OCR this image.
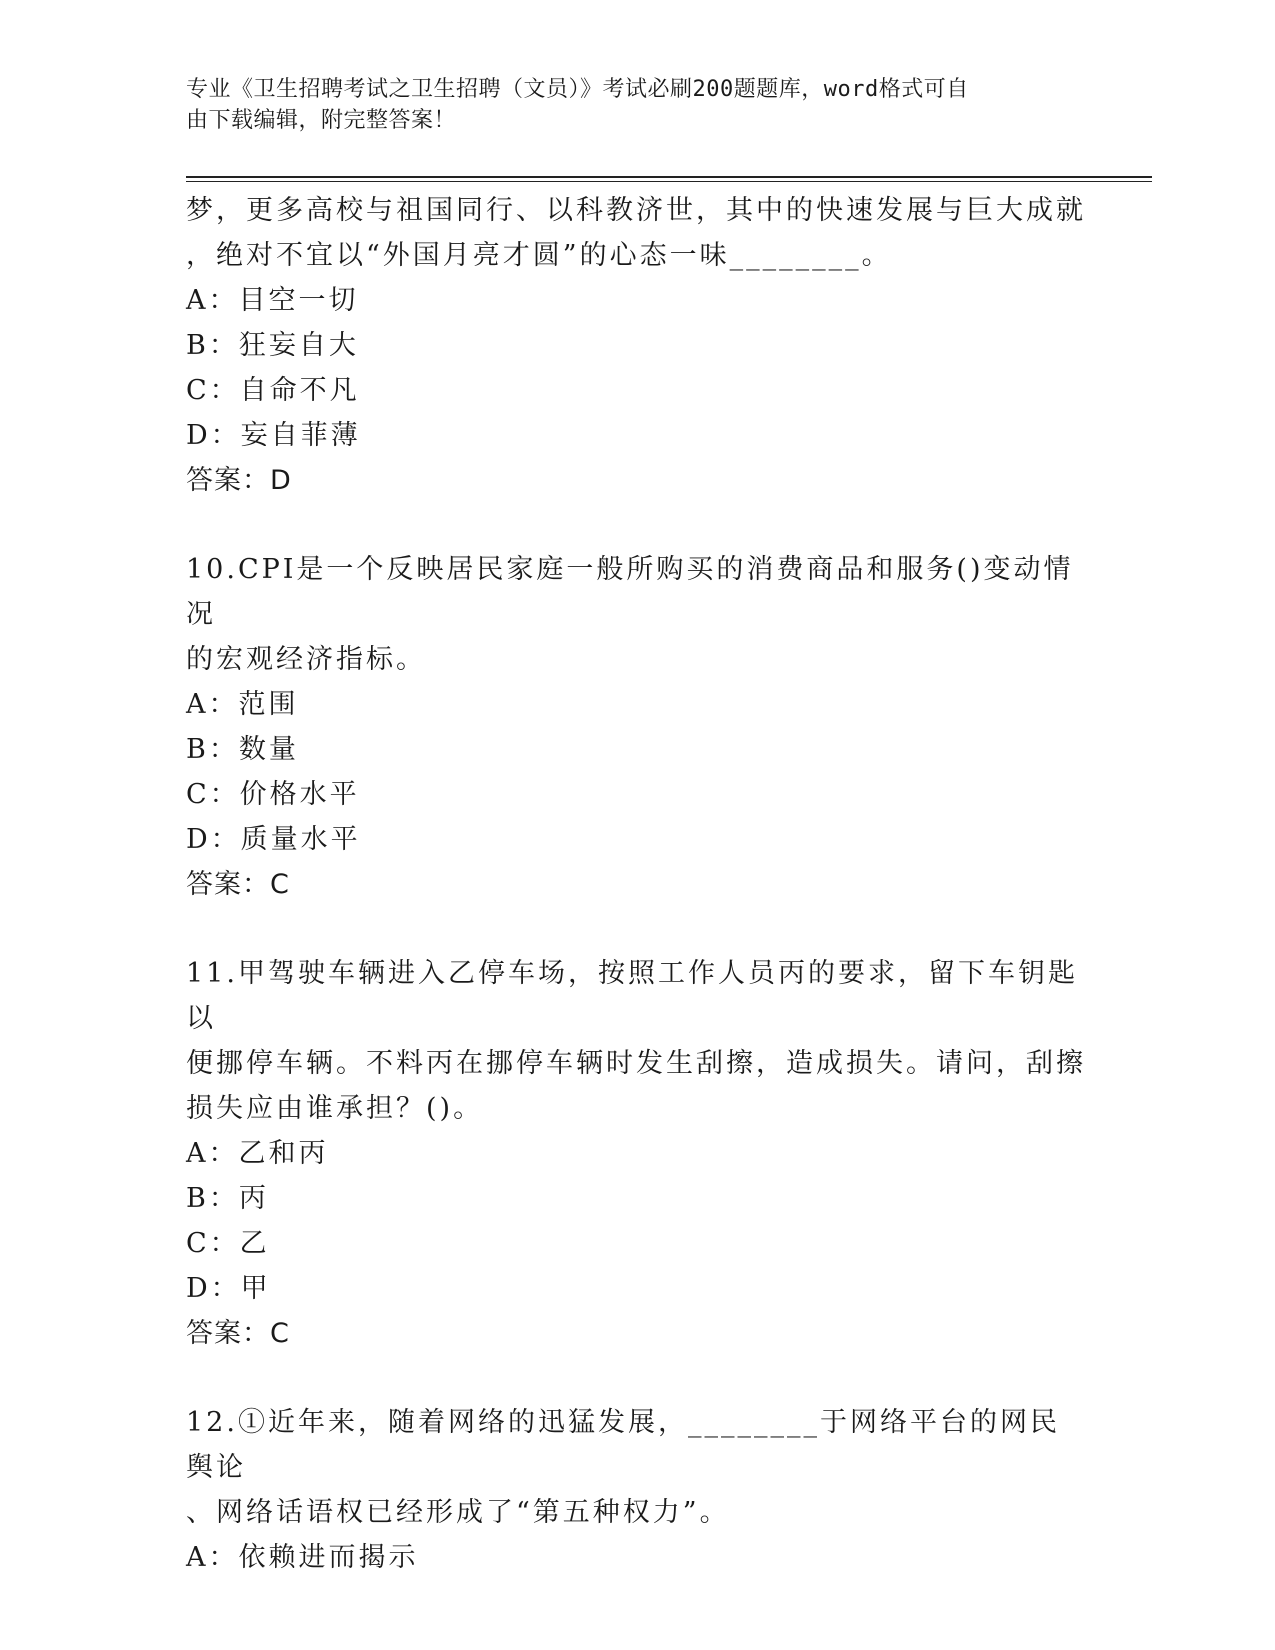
专业《卫生招聘考试之卫生招聘（文员）》考试必刷200题题库，word格式可自
由下载编辑，附完整答案！

梦，更多高校与祖国同行、以科教济世，其中的快速发展与巨大成就

，绝对不宜以“外国月亮才圆”的心态一味________。

A：目空一切

B：狂妄自大

C：自命不凡

D：妄自菲薄

答案：D

10.CPI是一个反映居民家庭一般所购买的消费商品和服务()变动情况

的宏观经济指标。

A：范围

B：数量

C：价格水平

D：质量水平

答案：C

11.甲驾驶车辆进入乙停车场，按照工作人员丙的要求，留下车钥匙以

便挪停车辆。不料丙在挪停车辆时发生刮擦，造成损失。请问，刮擦

损失应由谁承担？()。

A：乙和丙

B：丙

C：乙

D：甲

答案：C

12.①近年来，随着网络的迅猛发展，________于网络平台的网民舆论

、网络话语权已经形成了“第五种权力”。

A：依赖进而揭示
